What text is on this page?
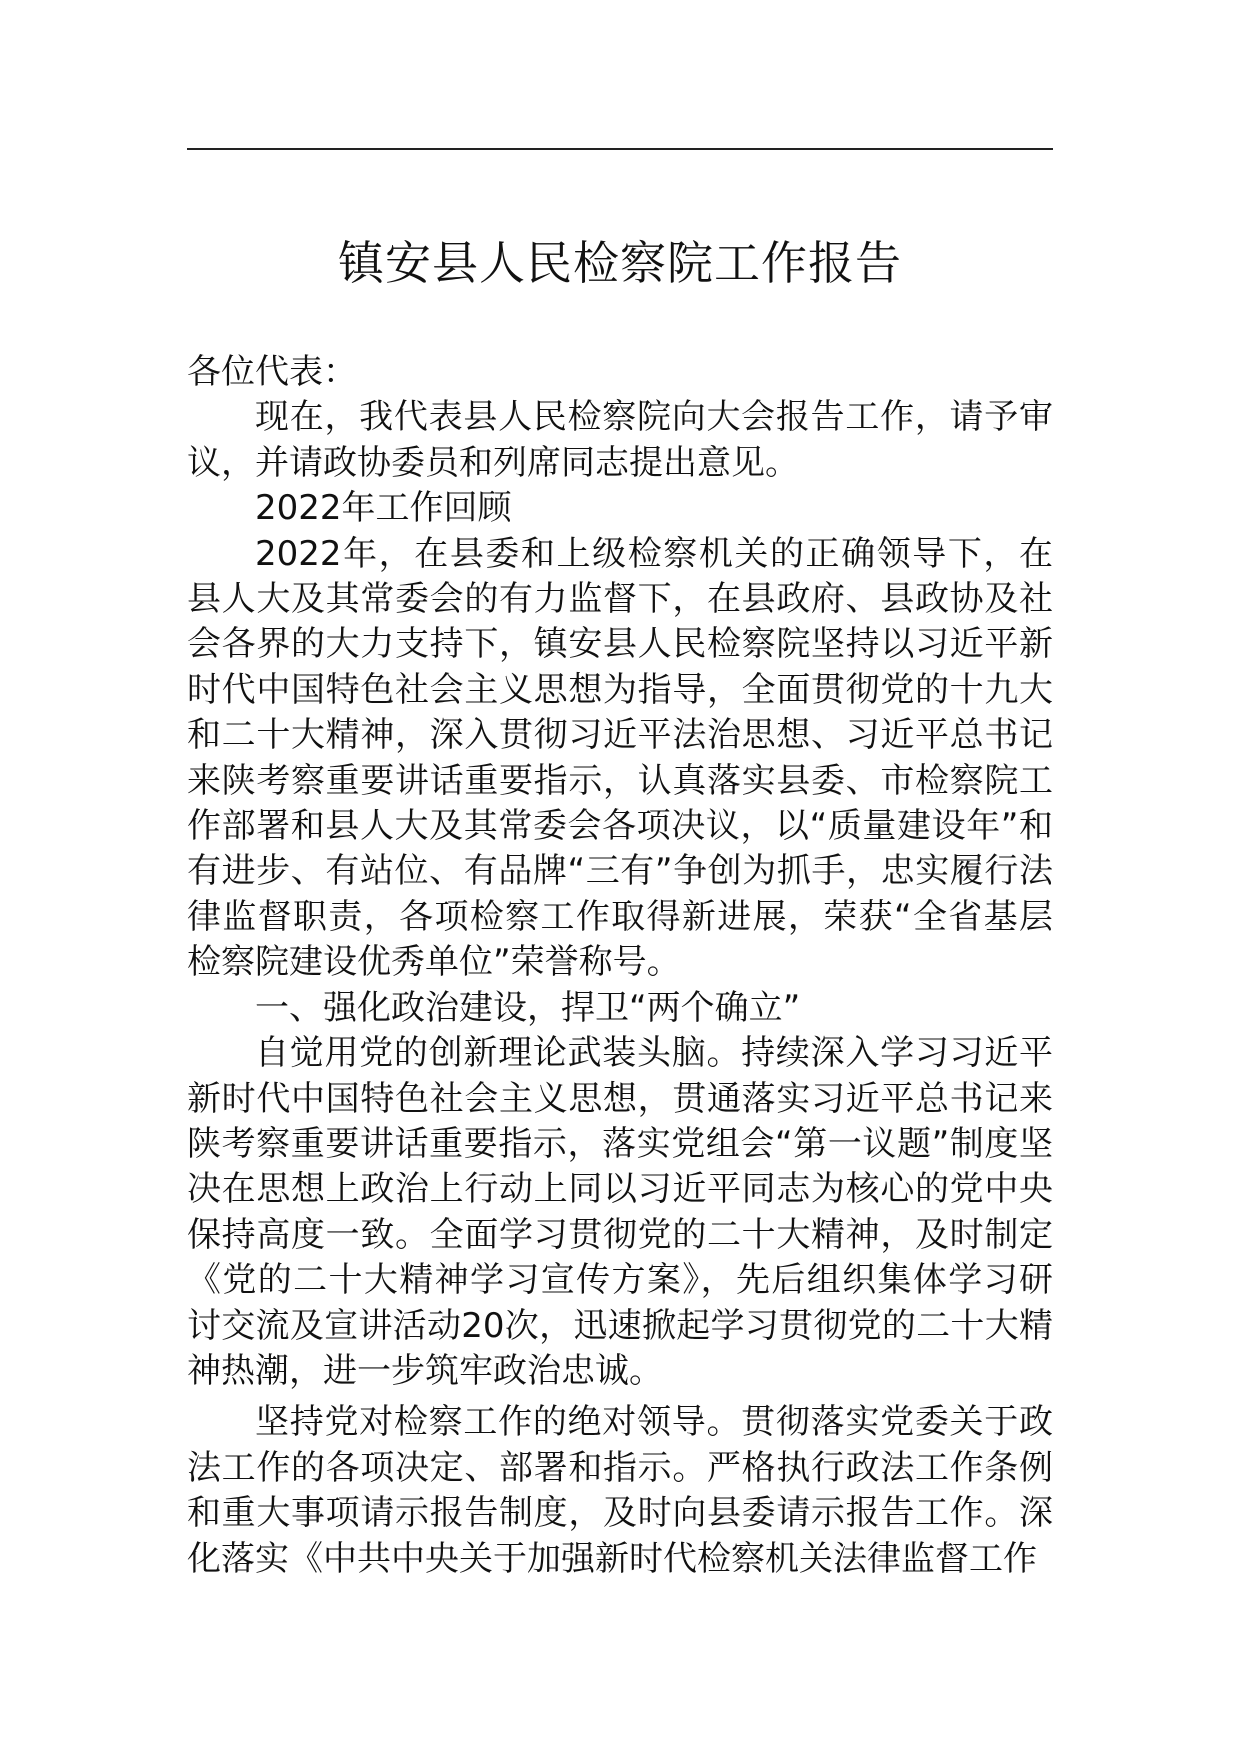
镇安县人民检察院工作报告

各位代表：

现在，我代表县人民检察院向大会报告工作，请予审议，并请政协委员和列席同志提出意见。

2022年工作回顾

2022年，在县委和上级检察机关的正确领导下，在县人大及其常委会的有力监督下，在县政府、县政协及社会各界的大力支持下，镇安县人民检察院坚持以习近平新时代中国特色社会主义思想为指导，全面贯彻党的十九大和二十大精神，深入贯彻习近平法治思想、习近平总书记来陕考察重要讲话重要指示，认真落实县委、市检察院工作部署和县人大及其常委会各项决议，以“质量建设年”和有进步、有站位、有品牌“三有”争创为抓手，忠实履行法律监督职责，各项检察工作取得新进展，荣获“全省基层检察院建设优秀单位”荣誉称号。

一、强化政治建设，捍卫“两个确立”

自觉用党的创新理论武装头脑。持续深入学习习近平新时代中国特色社会主义思想，贯通落实习近平总书记来陕考察重要讲话重要指示，落实党组会“第一议题”制度坚决在思想上政治上行动上同以习近平同志为核心的党中央保持高度一致。全面学习贯彻党的二十大精神，及时制定《党的二十大精神学习宣传方案》，先后组织集体学习研讨交流及宣讲活动20次，迅速掀起学习贯彻党的二十大精神热潮，进一步筑牢政治忠诚。

坚持党对检察工作的绝对领导。贯彻落实党委关于政法工作的各项决定、部署和指示。严格执行政法工作条例和重大事项请示报告制度，及时向县委请示报告工作。深化落实《中共中央关于加强新时代检察机关法律监督工作
